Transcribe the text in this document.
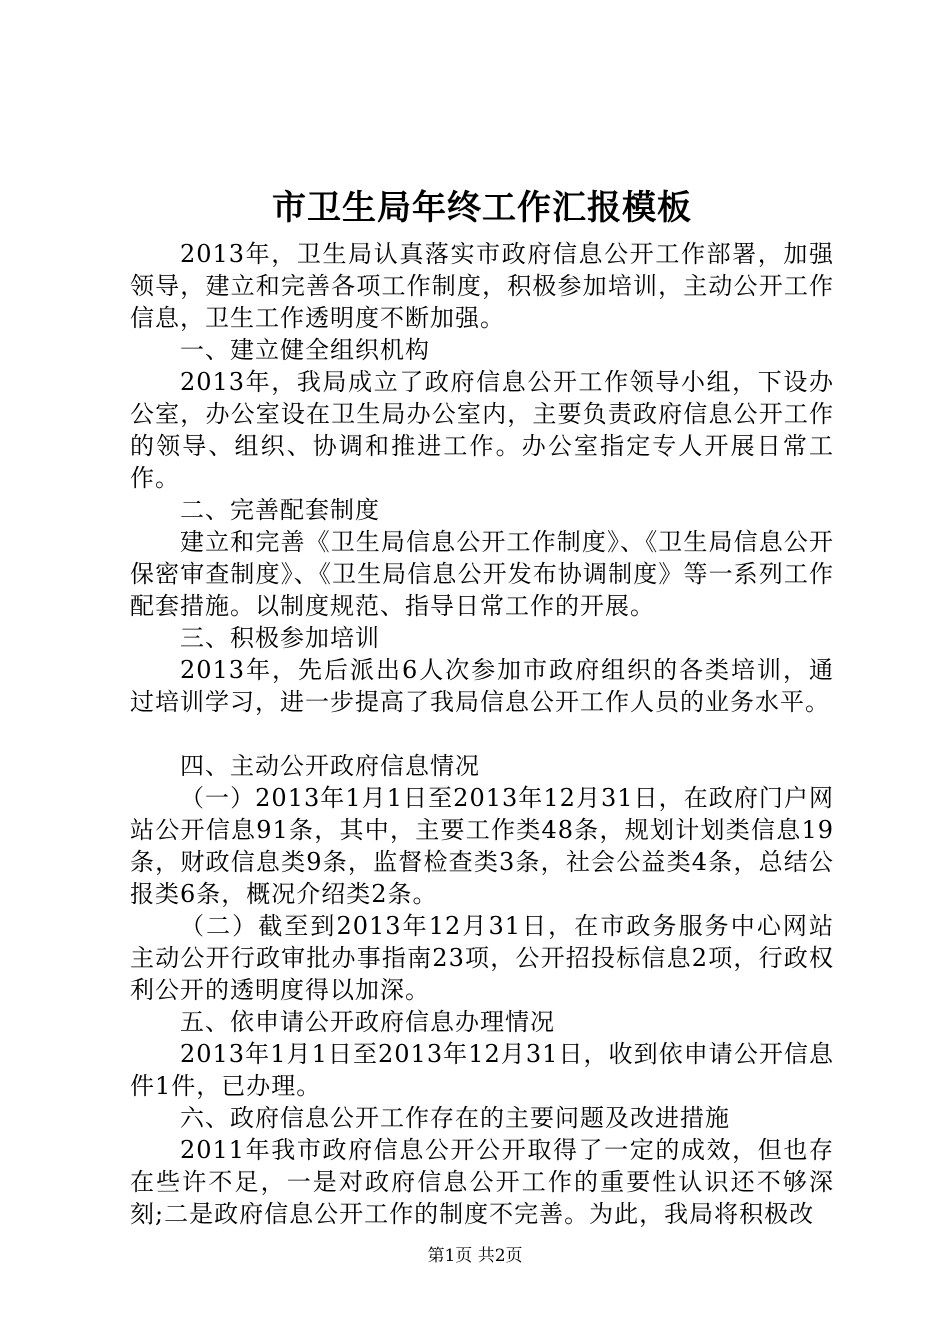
市卫生局年终工作汇报模板

2013年，卫生局认真落实市政府信息公开工作部署，加强领导，建立和完善各项工作制度，积极参加培训，主动公开工作信息，卫生工作透明度不断加强。

一、建立健全组织机构

2013年，我局成立了政府信息公开工作领导小组，下设办公室，办公室设在卫生局办公室内，主要负责政府信息公开工作的领导、组织、协调和推进工作。办公室指定专人开展日常工作。

二、完善配套制度

建立和完善《卫生局信息公开工作制度》、《卫生局信息公开保密审查制度》、《卫生局信息公开发布协调制度》等一系列工作配套措施。以制度规范、指导日常工作的开展。

三、积极参加培训

2013年，先后派出6人次参加市政府组织的各类培训，通过培训学习，进一步提高了我局信息公开工作人员的业务水平。

四、主动公开政府信息情况

（一）2013年1月1日至2013年12月31日，在政府门户网站公开信息91条，其中，主要工作类48条，规划计划类信息19条，财政信息类9条，监督检查类3条，社会公益类4条，总结公报类6条，概况介绍类2条。

（二）截至到2013年12月31日，在市政务服务中心网站主动公开行政审批办事指南23项，公开招投标信息2项，行政权利公开的透明度得以加深。

五、依申请公开政府信息办理情况

2013年1月1日至2013年12月31日，收到依申请公开信息件1件，已办理。

六、政府信息公开工作存在的主要问题及改进措施

2011年我市政府信息公开公开取得了一定的成效，但也存在些许不足，一是对政府信息公开工作的重要性认识还不够深刻;二是政府信息公开工作的制度不完善。为此，我局将积极改

第1页 共2页
